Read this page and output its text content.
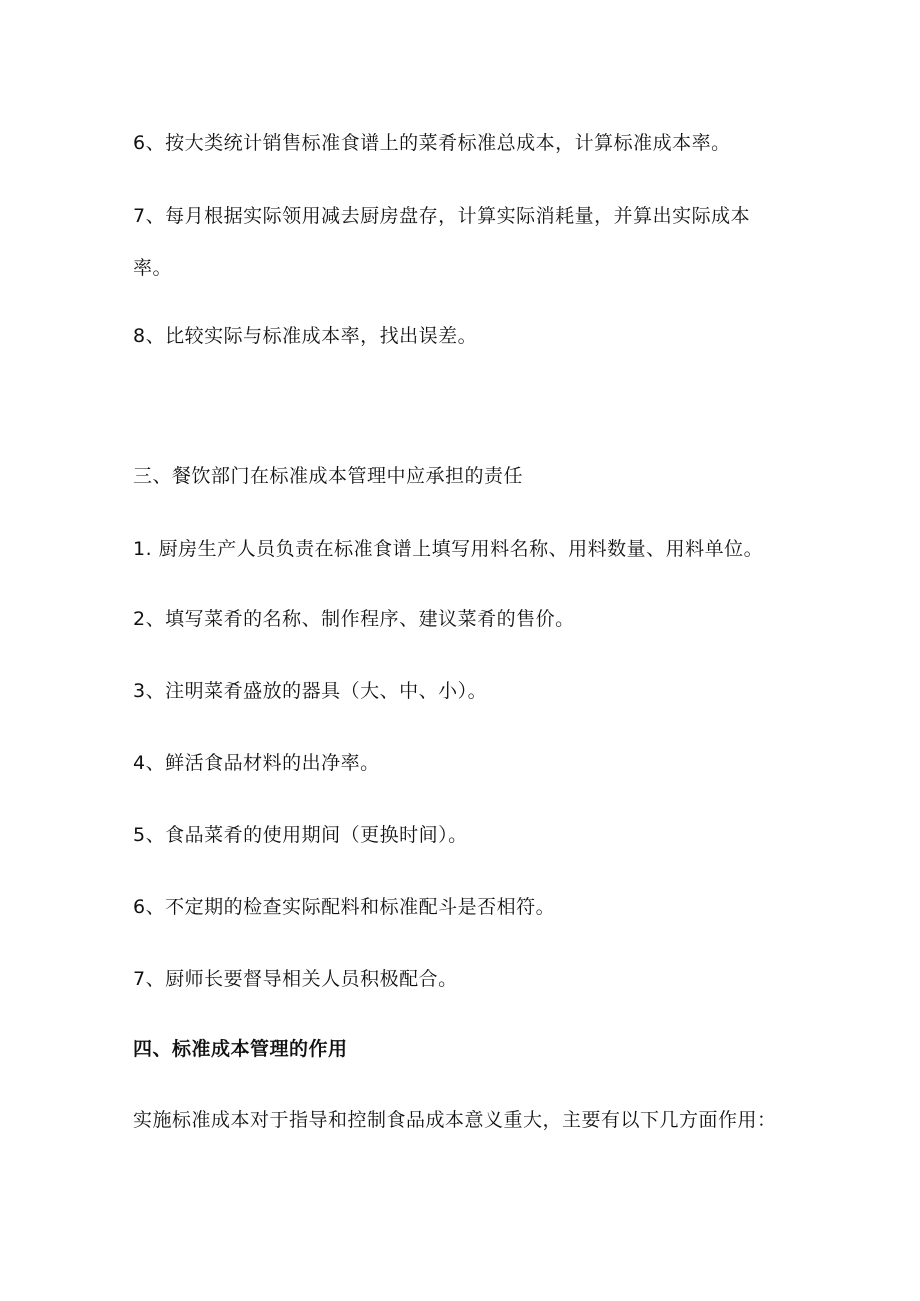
6、按大类统计销售标准食谱上的菜肴标准总成本，计算标准成本率。
7、每月根据实际领用减去厨房盘存，计算实际消耗量，并算出实际成本
率。
8、比较实际与标准成本率，找出误差。
三、餐饮部门在标准成本管理中应承担的责任
1. 厨房生产人员负责在标准食谱上填写用料名称、用料数量、用料单位。
2、填写菜肴的名称、制作程序、建议菜肴的售价。
3、注明菜肴盛放的器具（大、中、小）。
4、鲜活食品材料的出净率。
5、食品菜肴的使用期间（更换时间）。
6、不定期的检查实际配料和标准配斗是否相符。
7、厨师长要督导相关人员积极配合。
四、标准成本管理的作用
实施标准成本对于指导和控制食品成本意义重大，主要有以下几方面作用：
